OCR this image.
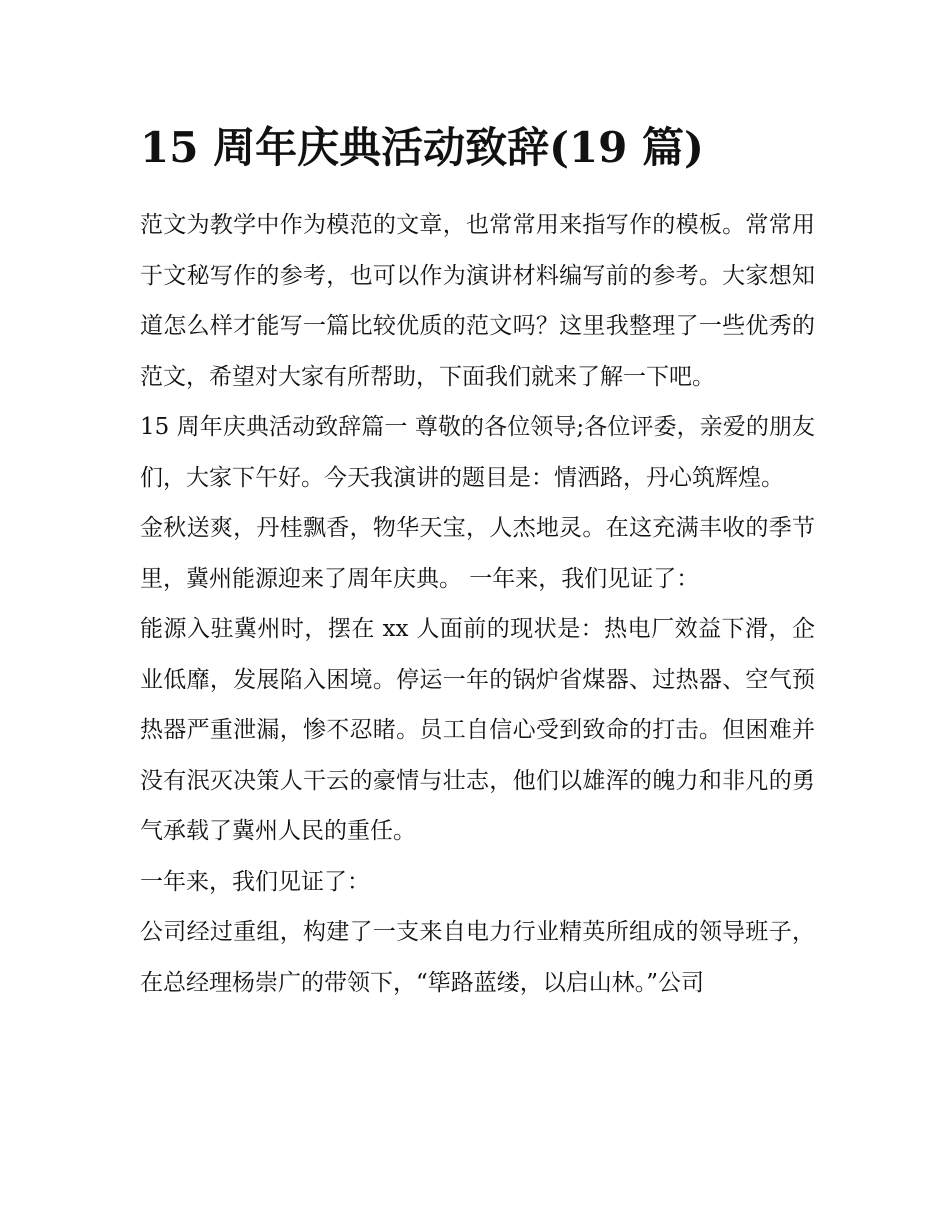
15 周年庆典活动致辞(19 篇)

范文为教学中作为模范的文章，也常常用来指写作的模板。常常用于文秘写作的参考，也可以作为演讲材料编写前的参考。大家想知道怎么样才能写一篇比较优质的范文吗？这里我整理了一些优秀的范文，希望对大家有所帮助，下面我们就来了解一下吧。

15 周年庆典活动致辞篇一 尊敬的各位领导;各位评委，亲爱的朋友们，大家下午好。今天我演讲的题目是：情洒路，丹心筑辉煌。

金秋送爽，丹桂飘香，物华天宝，人杰地灵。在这充满丰收的季节里，冀州能源迎来了周年庆典。 一年来，我们见证了：

能源入驻冀州时，摆在 xx 人面前的现状是：热电厂效益下滑，企业低靡，发展陷入困境。停运一年的锅炉省煤器、过热器、空气预热器严重泄漏，惨不忍睹。员工自信心受到致命的打击。但困难并没有泯灭决策人干云的豪情与壮志，他们以雄浑的魄力和非凡的勇气承载了冀州人民的重任。

一年来，我们见证了：

公司经过重组，构建了一支来自电力行业精英所组成的领导班子，在总经理杨崇广的带领下，“筚路蓝缕，以启山林。”公司
